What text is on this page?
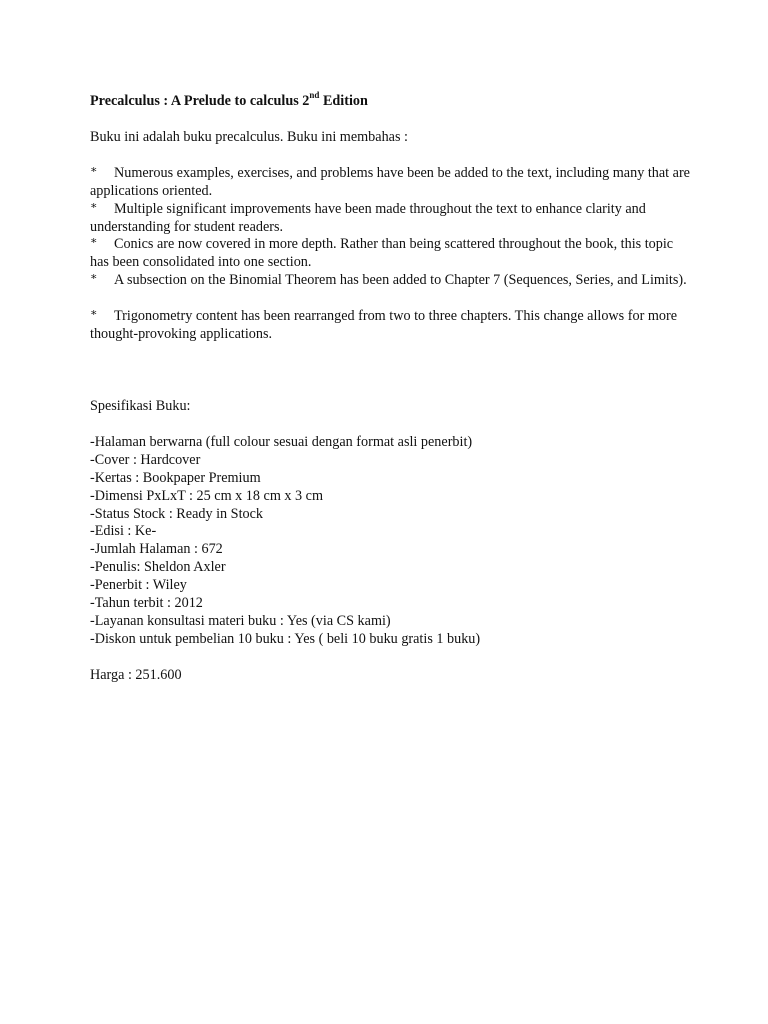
Precalculus : A Prelude to calculus 2nd Edition

Buku ini adalah buku precalculus. Buku ini membahas :

∗ Numerous examples, exercises, and problems have been be added to the text, including many that are applications oriented.
∗ Multiple significant improvements have been made throughout the text to enhance clarity and understanding for student readers.
∗ Conics are now covered in more depth. Rather than being scattered throughout the book, this topic has been consolidated into one section.
∗ A subsection on the Binomial Theorem has been added to Chapter 7 (Sequences, Series, and Limits).
∗ Trigonometry content has been rearranged from two to three chapters. This change allows for more thought-provoking applications.

Spesifikasi Buku:

-Halaman berwarna (full colour sesuai dengan format asli penerbit)
-Cover : Hardcover
-Kertas : Bookpaper Premium
-Dimensi PxLxT : 25 cm x 18 cm x 3 cm
-Status Stock : Ready in Stock
-Edisi : Ke-
-Jumlah Halaman : 672
-Penulis: Sheldon Axler
-Penerbit : Wiley
-Tahun terbit : 2012
-Layanan konsultasi materi buku : Yes (via CS kami)
-Diskon untuk pembelian 10 buku : Yes ( beli 10 buku gratis 1 buku)

Harga : 251.600
